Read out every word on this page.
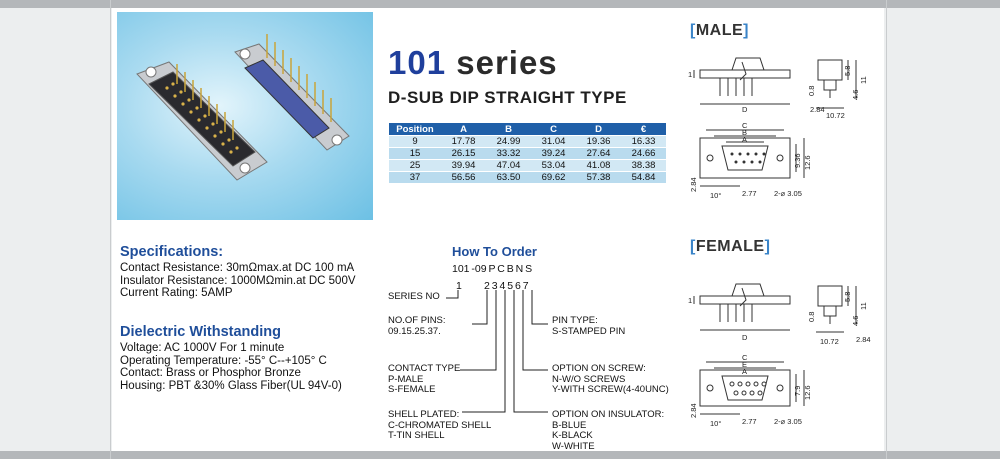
101 series
D-SUB DIP STRAIGHT TYPE
Position	A	B	C	D	€
9	17.78	24.99	31.04	19.36	16.33
15	26.15	33.32	39.24	27.64	24.66
25	39.94	47.04	53.04	41.08	38.38
37	56.56	63.50	69.62	57.38	54.84
Specifications:
Contact Resistance: 30mΩmax.at DC 100 mA
Insulator Resistance: 1000MΩmin.at DC 500V
Current Rating: 5AMP
Dielectric Withstanding
Voltage: AC 1000V For 1 minute
Operating Temperature: -55° C--+105° C
Contact: Brass or Phosphor Bronze
Housing: PBT &30% Glass Fiber(UL 94V-0)
How To Order
101 -09 P C B N S
1 2 3 4 5 6 7
SERIES NO
NO.OF PINS:
09.15.25.37.
CONTACT TYPE
P-MALE
S-FEMALE
SHELL PLATED:
C-CHROMATED SHELL
T-TIN SHELL
PIN TYPE:
S-STAMPED PIN
OPTION ON SCREW:
N-W/O SCREWS
Y-WITH SCREW(4-40UNC)
OPTION ON INSULATOR:
B-BLUE
K-BLACK
W-WHITE
[MALE]
[FEMALE]
1
D
5.8
11
4.6
0.8
2.84
10.72
C
B
A
9.36 12.6
2.84
10°	2.77 2-⌀ 3.05
1
D
5.8
11
4.6
0.8
2.84
10.72
C
E
A
7.9 12.6
2.84
10°	2.77 2-⌀ 3.05
